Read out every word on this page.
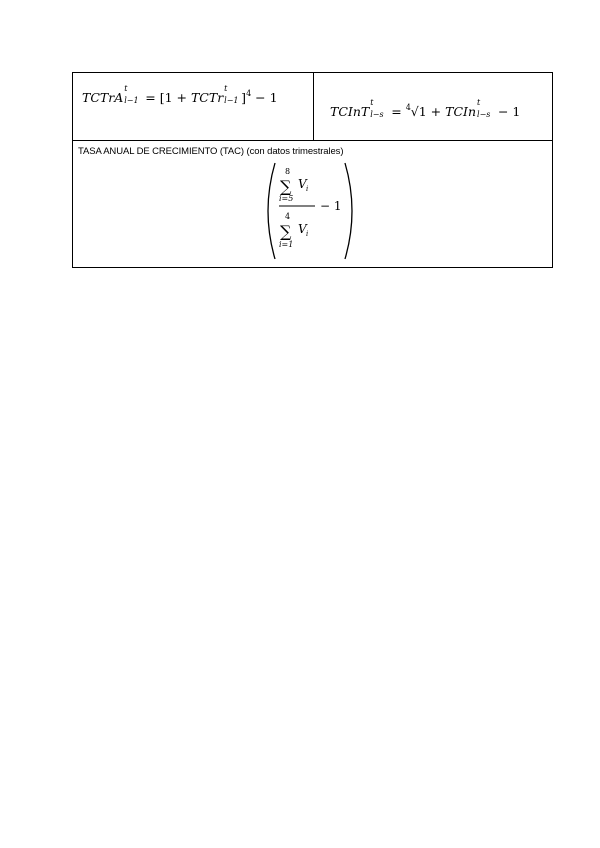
TCTrA
t
l−1 = [1 + TCTr
t
l−1 ]$^4$ − 1
TCInT
t
l−s = $^4$√1 + TCIn
t
l−s − 1
TASA ANUAL DE CRECIMIENTO (TAC) (con datos trimestrales)
8
∑
i=5
V i
4
∑
i=1
V i
− 1
